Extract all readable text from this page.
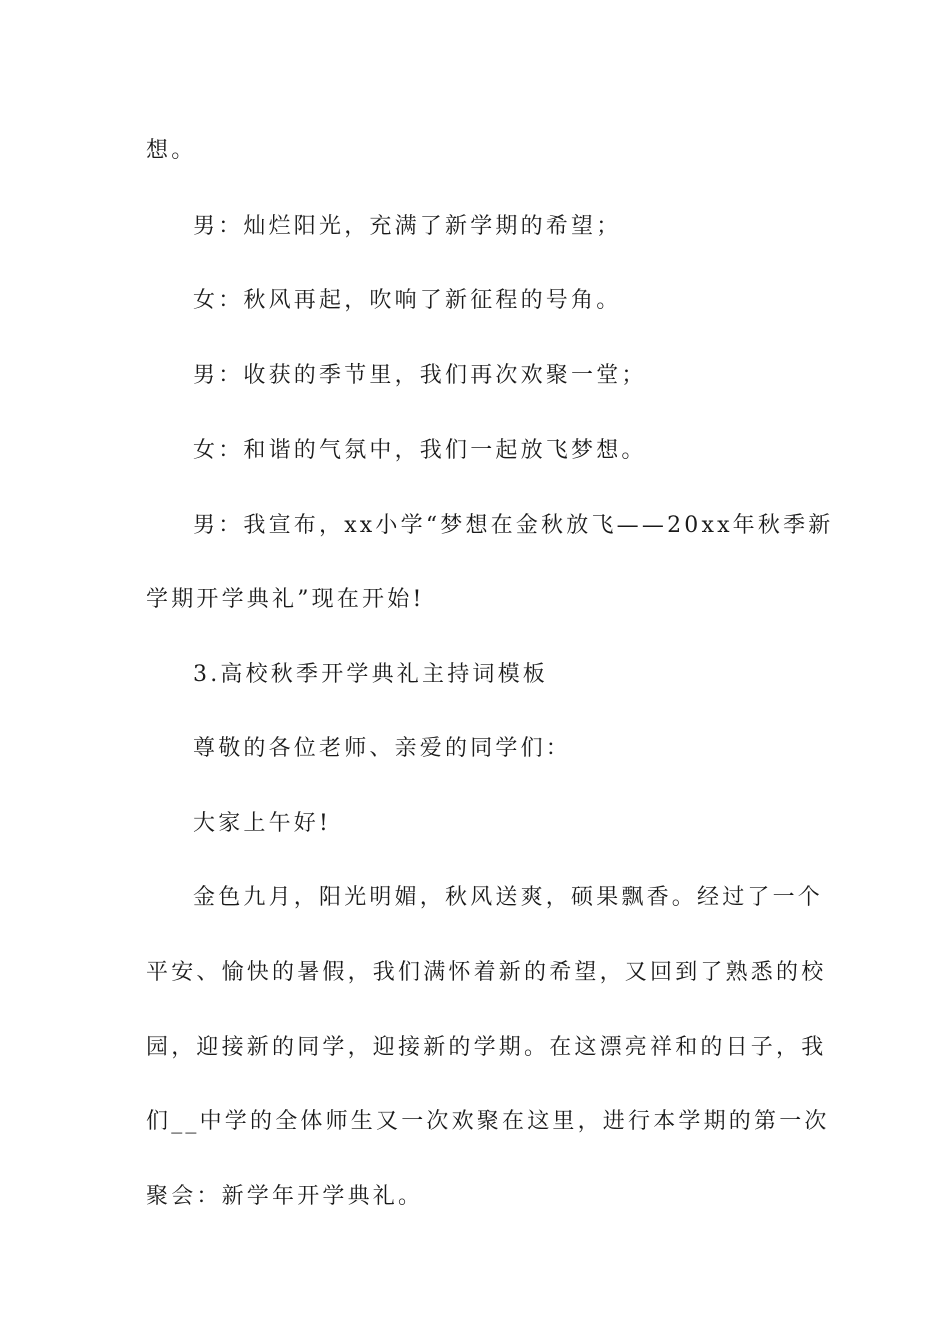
想。
男：灿烂阳光，充满了新学期的希望；
女：秋风再起，吹响了新征程的号角。
男：收获的季节里，我们再次欢聚一堂；
女：和谐的气氛中，我们一起放飞梦想。
男：我宣布，xx小学“梦想在金秋放飞——20xx年秋季新
学期开学典礼”现在开始!
3.高校秋季开学典礼主持词模板
尊敬的各位老师、亲爱的同学们：
大家上午好!
金色九月，阳光明媚，秋风送爽，硕果飘香。经过了一个
平安、愉快的暑假，我们满怀着新的希望，又回到了熟悉的校
园，迎接新的同学，迎接新的学期。在这漂亮祥和的日子，我
们__中学的全体师生又一次欢聚在这里，进行本学期的第一次
聚会：新学年开学典礼。
